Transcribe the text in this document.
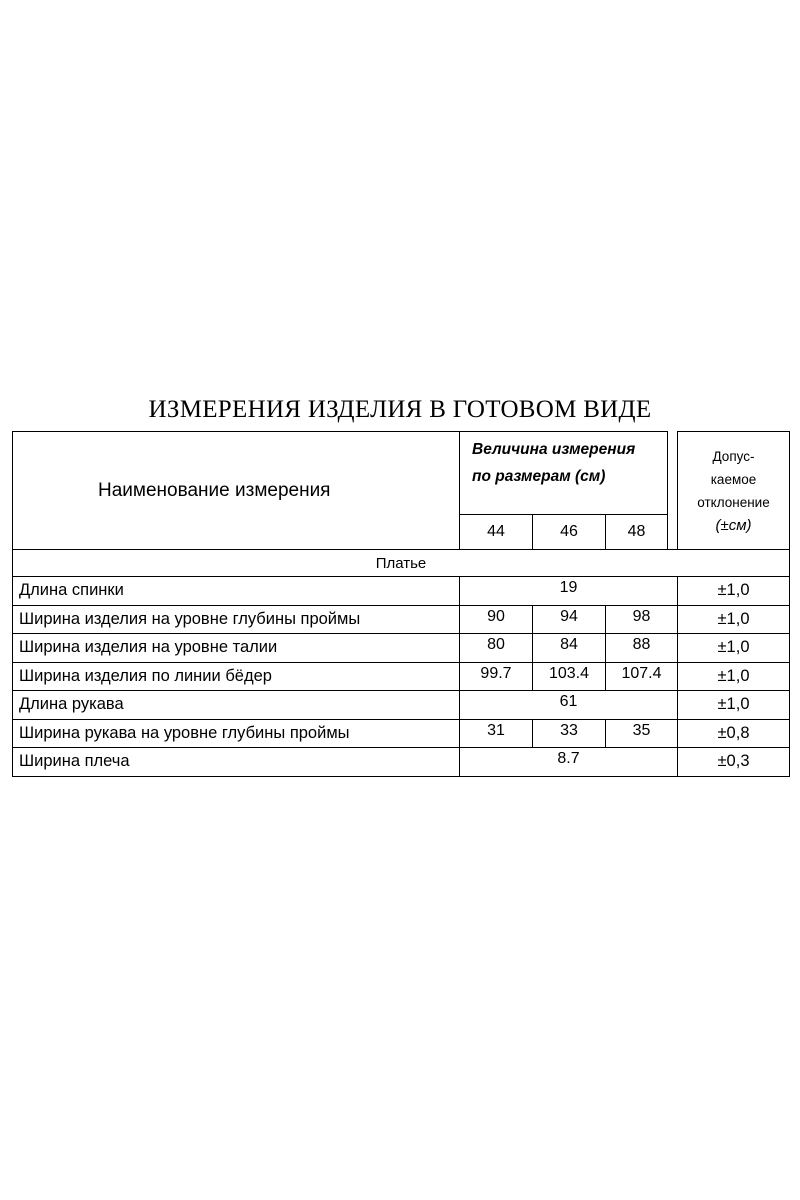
ИЗМЕРЕНИЯ ИЗДЕЛИЯ В ГОТОВОМ ВИДЕ
Наименование измерения	Величина измерения
по размерам (см)				Допус-
каемое
отклонение
(±см)
	44	46	48		
Платье					
Длина спинки	19				±1,0
Ширина изделия на уровне глубины проймы	90	94	98		±1,0
Ширина изделия на уровне талии	80	84	88		±1,0
Ширина изделия по линии бёдер	99.7	103.4	107.4		±1,0
Длина рукава	61				±1,0
Ширина рукава на уровне глубины проймы	31	33	35		±0,8
Ширина плеча	8.7				±0,3
